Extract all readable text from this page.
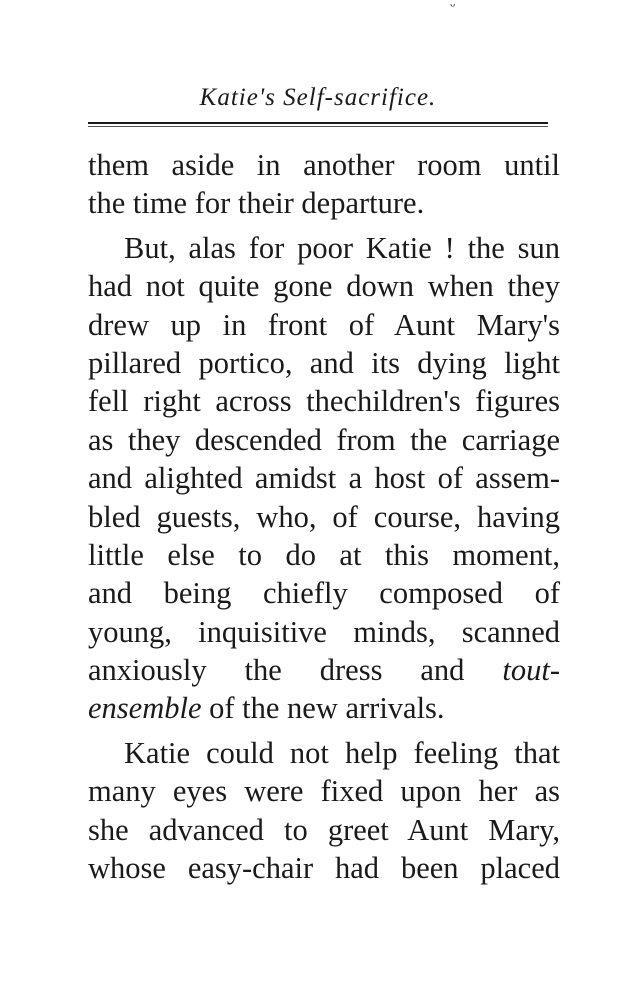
ᵕ
Katie's Self-sacrifice.
them aside in another room until
the time for their departure.
But, alas for poor Katie ! the sun
had not quite gone down when they
drew up in front of Aunt Mary's
pillared portico, and its dying light
fell right across thechildren's figures
as they descended from the carriage
and alighted amidst a host of assem-
bled guests, who, of course, having
little else to do at this moment,
and being chiefly composed of
young, inquisitive minds, scanned
anxiously the dress and tout-
ensemble of the new arrivals.
Katie could not help feeling that
many eyes were fixed upon her as
she advanced to greet Aunt Mary,
whose easy-chair had been placed
